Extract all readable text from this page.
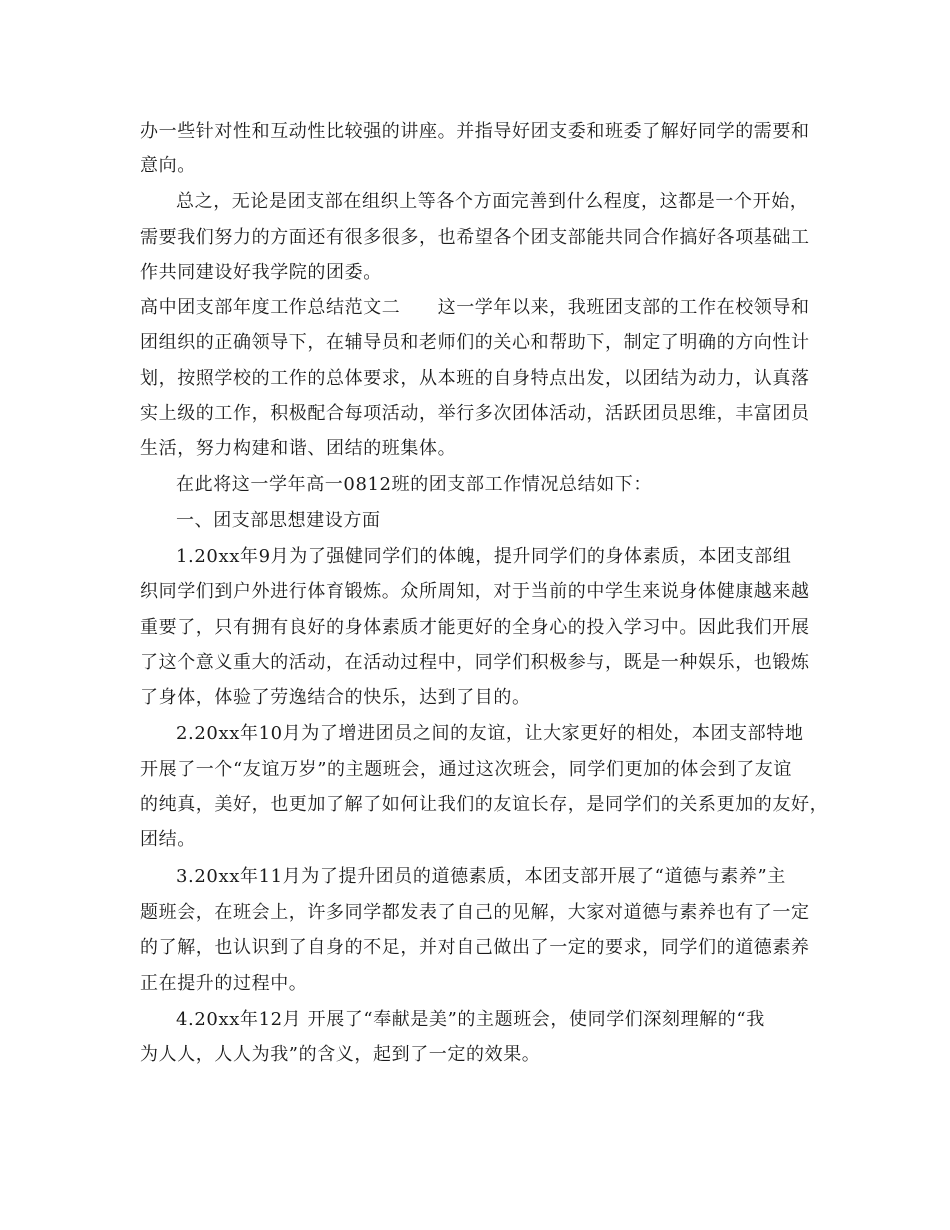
办一些针对性和互动性比较强的讲座。并指导好团支委和班委了解好同学的需要和
意向。
总之，无论是团支部在组织上等各个方面完善到什么程度，这都是一个开始，
需要我们努力的方面还有很多很多，也希望各个团支部能共同合作搞好各项基础工
作共同建设好我学院的团委。
高中团支部年度工作总结范文二　　这一学年以来，我班团支部的工作在校领导和
团组织的正确领导下，在辅导员和老师们的关心和帮助下，制定了明确的方向性计
划，按照学校的工作的总体要求，从本班的自身特点出发，以团结为动力，认真落
实上级的工作，积极配合每项活动，举行多次团体活动，活跃团员思维，丰富团员
生活，努力构建和谐、团结的班集体。
在此将这一学年高一0812班的团支部工作情况总结如下：
一、团支部思想建设方面
1.20xx年9月为了强健同学们的体魄，提升同学们的身体素质，本团支部组
织同学们到户外进行体育锻炼。众所周知，对于当前的中学生来说身体健康越来越
重要了，只有拥有良好的身体素质才能更好的全身心的投入学习中。因此我们开展
了这个意义重大的活动，在活动过程中，同学们积极参与，既是一种娱乐，也锻炼
了身体，体验了劳逸结合的快乐，达到了目的。
2.20xx年10月为了增进团员之间的友谊，让大家更好的相处，本团支部特地
开展了一个“友谊万岁”的主题班会，通过这次班会，同学们更加的体会到了友谊
的纯真，美好，也更加了解了如何让我们的友谊长存，是同学们的关系更加的友好，
团结。
3.20xx年11月为了提升团员的道德素质，本团支部开展了“道德与素养”主
题班会，在班会上，许多同学都发表了自己的见解，大家对道德与素养也有了一定
的了解，也认识到了自身的不足，并对自己做出了一定的要求，同学们的道德素养
正在提升的过程中。
4.20xx年12月 开展了“奉献是美”的主题班会，使同学们深刻理解的“我
为人人，人人为我”的含义，起到了一定的效果。
